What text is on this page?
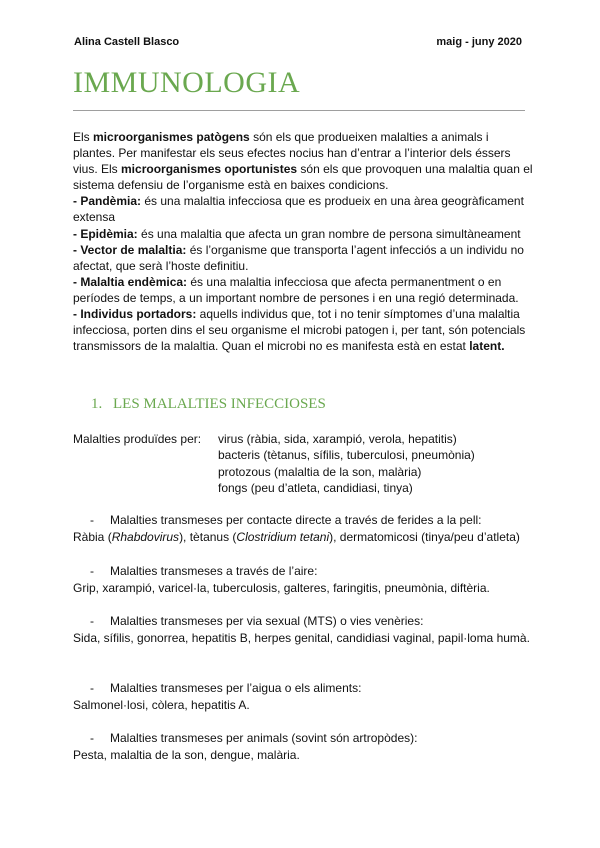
Alina Castell Blasco	maig - juny 2020
IMMUNOLOGIA

Els microorganismes patògens són els que produeixen malalties a animals i plantes. Per manifestar els seus efectes nocius han d’entrar a l’interior dels éssers vius. Els microorganismes oportunistes són els que provoquen una malaltia quan el sistema defensiu de l’organisme està en baixes condicions.

- Pandèmia: és una malaltia infecciosa que es produeix en una àrea geogràficament extensa

- Epidèmia: és una malaltia que afecta un gran nombre de persona simultàneament

- Vector de malaltia: és l’organisme que transporta l’agent infecciós a un individu no afectat, que serà l’hoste definitiu.

- Malaltia endèmica: és una malaltia infecciosa que afecta permanentment o en períodes de temps, a un important nombre de persones i en una regió determinada.

- Individus portadors: aquells individus que, tot i no tenir símptomes d’una malaltia infecciosa, porten dins el seu organisme el microbi patogen i, per tant, són potencials transmissors de la malaltia. Quan el microbi no es manifesta està en estat latent.

1. LES MALALTIES INFECCIOSES
Malalties produïdes per: virus (ràbia, sida, xarampió, verola, hepatitis)
bacteris (tètanus, sífilis, tuberculosi, pneumònia)
protozous (malaltia de la son, malària)
fongs (peu d’atleta, candidiasi, tinya)
- Malalties transmeses per contacte directe a través de ferides a la pell:

Ràbia (Rhabdovirus), tètanus (Clostridium tetani), dermatomicosi (tinya/peu d’atleta)

- Malalties transmeses a través de l’aire:

Grip, xarampió, varicel·la, tuberculosis, galteres, faringitis, pneumònia, diftèria.

- Malalties transmeses per via sexual (MTS) o vies venèries:

Sida, sífilis, gonorrea, hepatitis B, herpes genital, candidiasi vaginal, papil·loma humà.

- Malalties transmeses per l’aigua o els aliments:

Salmonel·losi, còlera, hepatitis A.

- Malalties transmeses per animals (sovint són artropòdes):

Pesta, malaltia de la son, dengue, malària.
